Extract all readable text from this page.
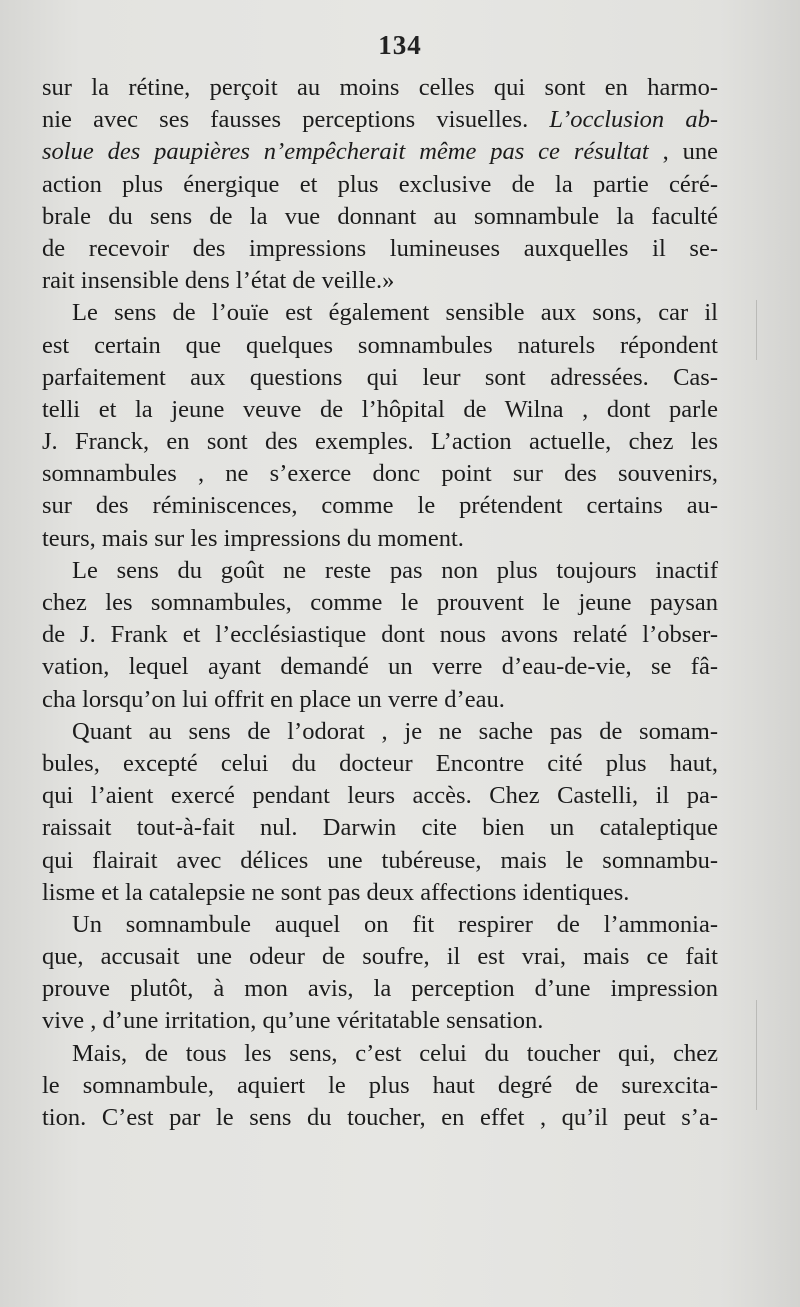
134
sur la rétine, perçoit au moins celles qui sont en harmo-
nie avec ses fausses perceptions visuelles. L’occlusion ab-
solue des paupières n’empêcherait même pas ce résultat , une
action plus énergique et plus exclusive de la partie céré-
brale du sens de la vue donnant au somnambule la faculté
de recevoir des impressions lumineuses auxquelles il se-
rait insensible dens l’état de veille.»
Le sens de l’ouïe est également sensible aux sons, car il
est certain que quelques somnambules naturels répondent
parfaitement aux questions qui leur sont adressées. Cas-
telli et la jeune veuve de l’hôpital de Wilna , dont parle
J. Franck, en sont des exemples. L’action actuelle, chez les
somnambules , ne s’exerce donc point sur des souvenirs,
sur des réminiscences, comme le prétendent certains au-
teurs, mais sur les impressions du moment.
Le sens du goût ne reste pas non plus toujours inactif
chez les somnambules, comme le prouvent le jeune paysan
de J. Frank et l’ecclésiastique dont nous avons relaté l’obser-
vation, lequel ayant demandé un verre d’eau-de-vie, se fâ-
cha lorsqu’on lui offrit en place un verre d’eau.
Quant au sens de l’odorat , je ne sache pas de somam-
bules, excepté celui du docteur Encontre cité plus haut,
qui l’aient exercé pendant leurs accès. Chez Castelli, il pa-
raissait tout-à-fait nul. Darwin cite bien un cataleptique
qui flairait avec délices une tubéreuse, mais le somnambu-
lisme et la catalepsie ne sont pas deux affections identiques.
Un somnambule auquel on fit respirer de l’ammonia-
que, accusait une odeur de soufre, il est vrai, mais ce fait
prouve plutôt, à mon avis, la perception d’une impression
vive , d’une irritation, qu’une véritatable sensation.
Mais, de tous les sens, c’est celui du toucher qui, chez
le somnambule, aquiert le plus haut degré de surexcita-
tion. C’est par le sens du toucher, en effet , qu’il peut s’a-
